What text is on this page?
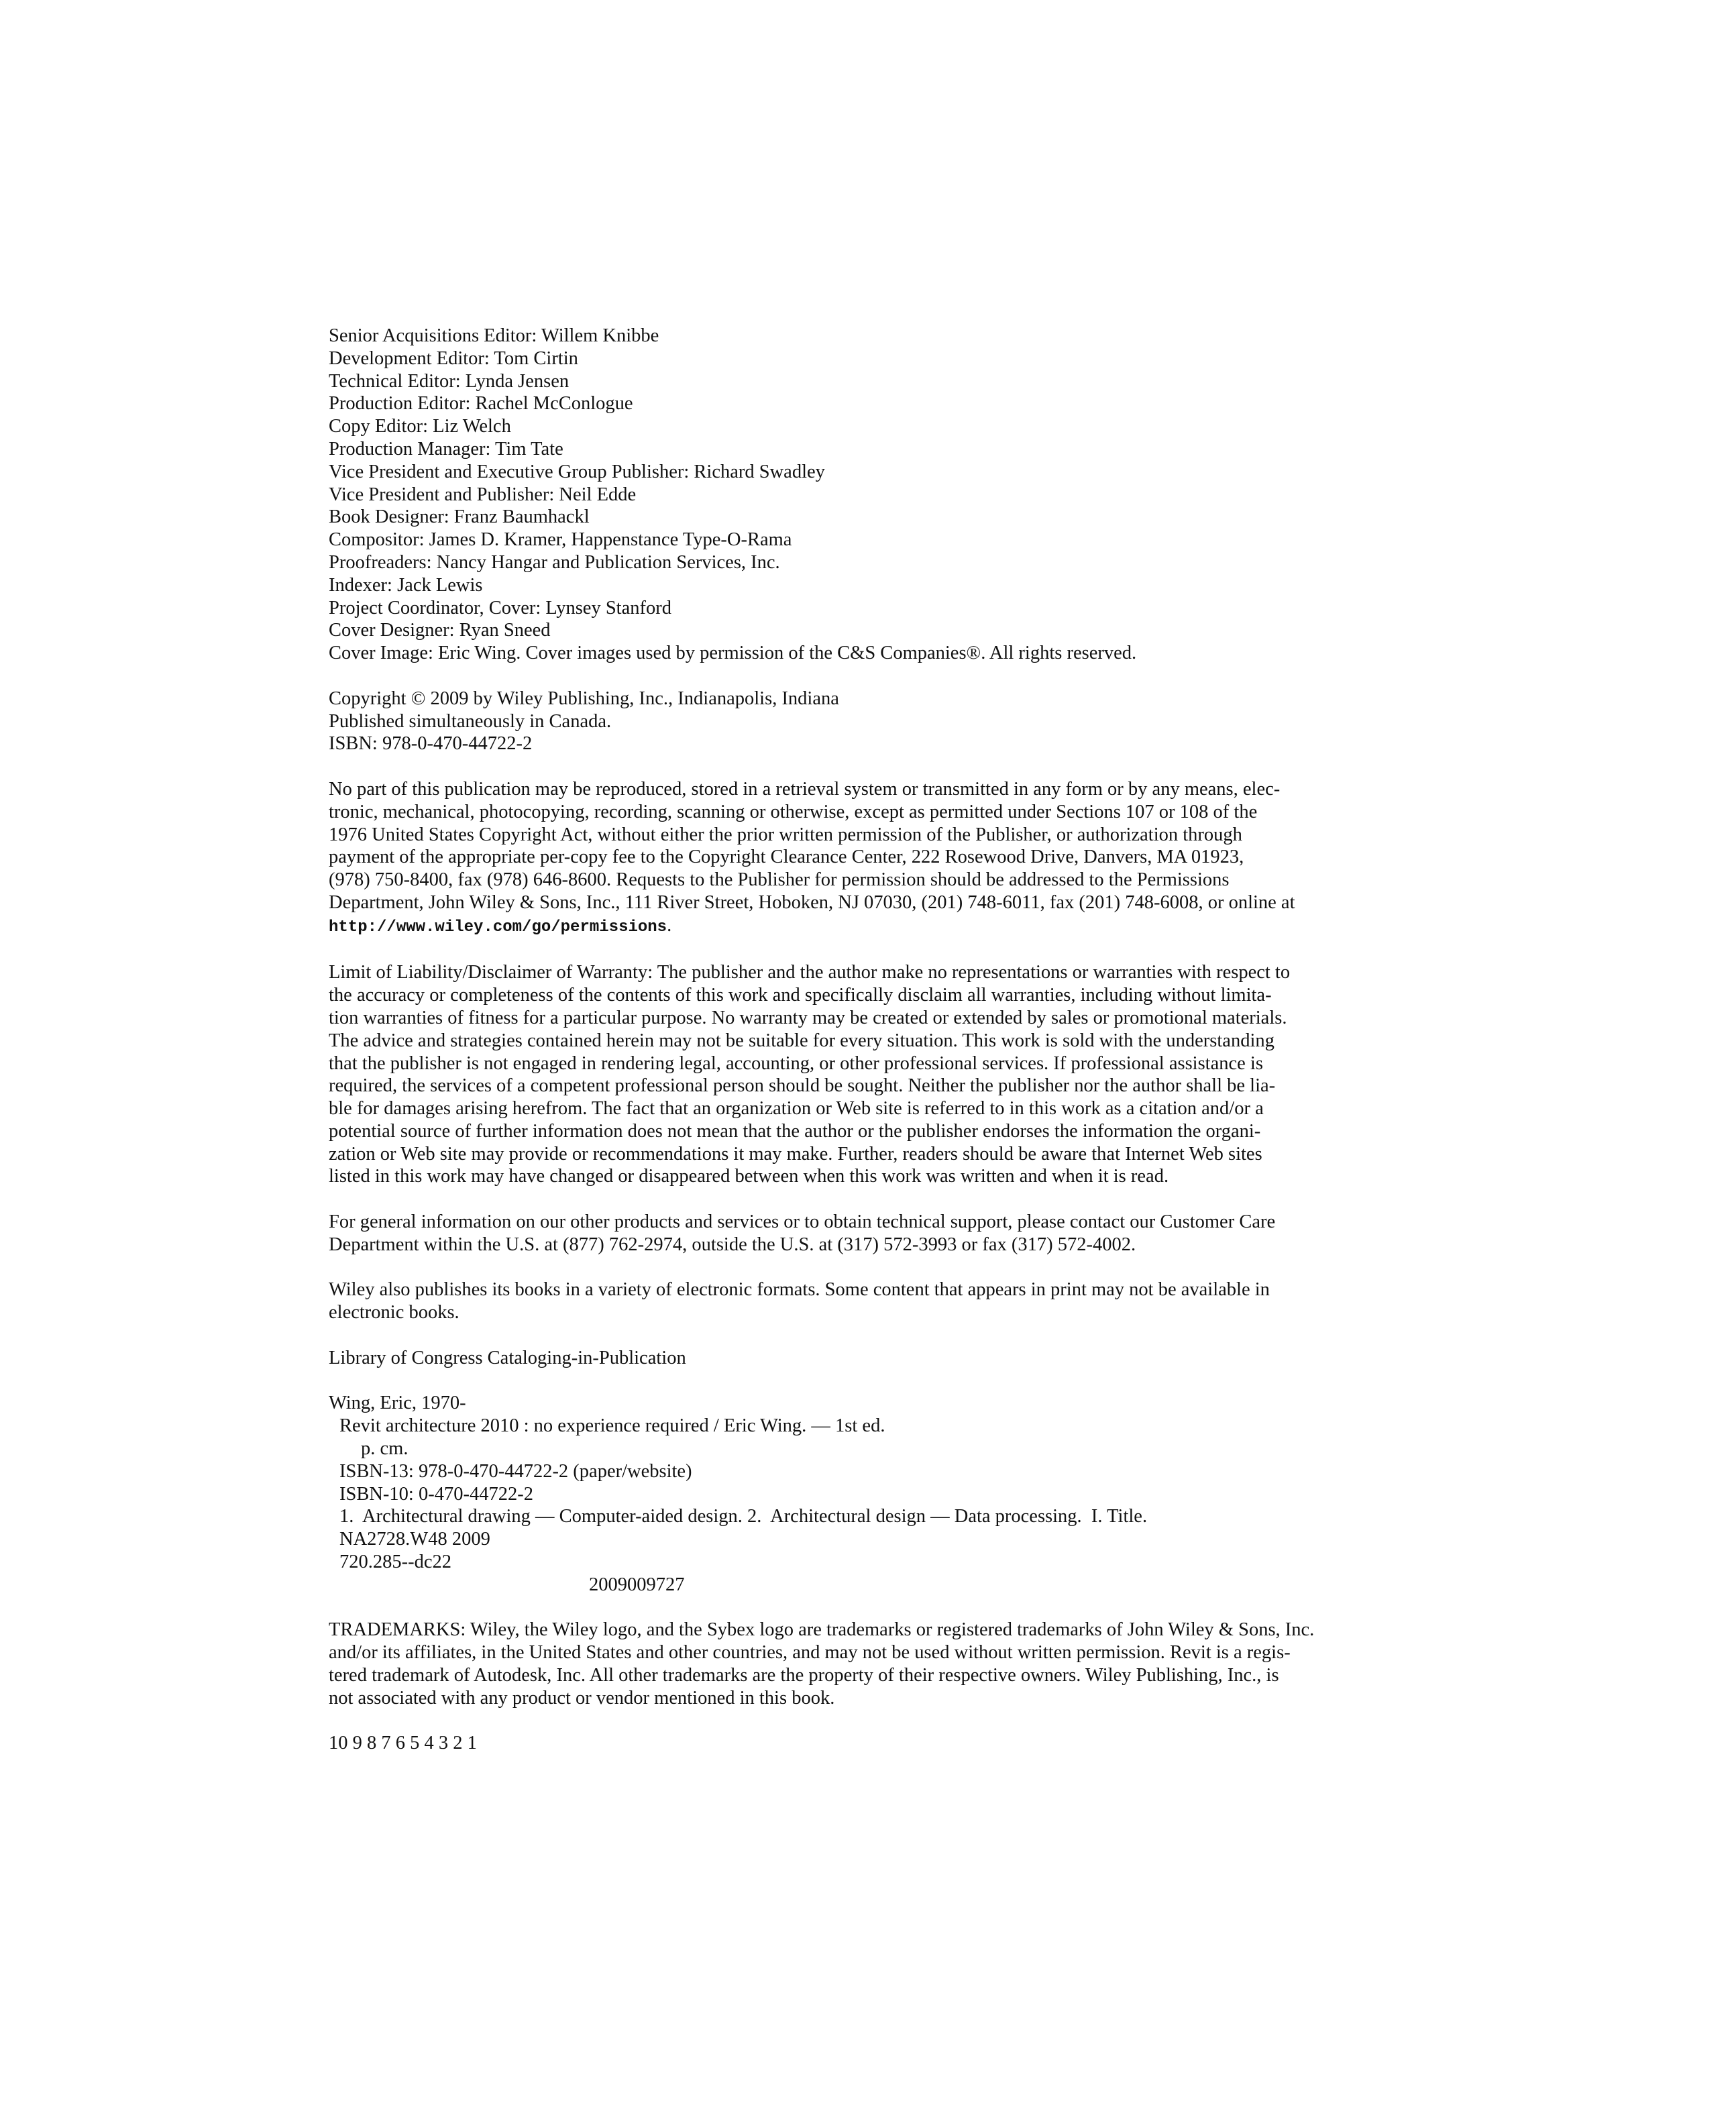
Senior Acquisitions Editor: Willem Knibbe
Development Editor: Tom Cirtin
Technical Editor: Lynda Jensen
Production Editor: Rachel McConlogue
Copy Editor: Liz Welch
Production Manager: Tim Tate
Vice President and Executive Group Publisher: Richard Swadley
Vice President and Publisher: Neil Edde
Book Designer: Franz Baumhackl
Compositor: James D. Kramer, Happenstance Type-O-Rama
Proofreaders: Nancy Hangar and Publication Services, Inc.
Indexer: Jack Lewis
Project Coordinator, Cover: Lynsey Stanford
Cover Designer: Ryan Sneed
Cover Image: Eric Wing. Cover images used by permission of the C&S Companies®. All rights reserved.
Copyright © 2009 by Wiley Publishing, Inc., Indianapolis, Indiana
Published simultaneously in Canada.
ISBN: 978-0-470-44722-2
No part of this publication may be reproduced, stored in a retrieval system or transmitted in any form or by any means, elec-
tronic, mechanical, photocopying, recording, scanning or otherwise, except as permitted under Sections 107 or 108 of the
1976 United States Copyright Act, without either the prior written permission of the Publisher, or authorization through
payment of the appropriate per-copy fee to the Copyright Clearance Center, 222 Rosewood Drive, Danvers, MA 01923,
(978) 750-8400, fax (978) 646-8600. Requests to the Publisher for permission should be addressed to the Permissions
Department, John Wiley & Sons, Inc., 111 River Street, Hoboken, NJ 07030, (201) 748-6011, fax (201) 748-6008, or online at
http://www.wiley.com/go/permissions.
Limit of Liability/Disclaimer of Warranty: The publisher and the author make no representations or warranties with respect to
the accuracy or completeness of the contents of this work and specifically disclaim all warranties, including without limita-
tion warranties of fitness for a particular purpose. No warranty may be created or extended by sales or promotional materials.
The advice and strategies contained herein may not be suitable for every situation. This work is sold with the understanding
that the publisher is not engaged in rendering legal, accounting, or other professional services. If professional assistance is
required, the services of a competent professional person should be sought. Neither the publisher nor the author shall be lia-
ble for damages arising herefrom. The fact that an organization or Web site is referred to in this work as a citation and/or a
potential source of further information does not mean that the author or the publisher endorses the information the organi-
zation or Web site may provide or recommendations it may make. Further, readers should be aware that Internet Web sites
listed in this work may have changed or disappeared between when this work was written and when it is read.
For general information on our other products and services or to obtain technical support, please contact our Customer Care
Department within the U.S. at (877) 762-2974, outside the U.S. at (317) 572-3993 or fax (317) 572-4002.
Wiley also publishes its books in a variety of electronic formats. Some content that appears in print may not be available in
electronic books.
Library of Congress Cataloging-in-Publication
Wing, Eric, 1970-
Revit architecture 2010 : no experience required / Eric Wing. — 1st ed.
p. cm.
ISBN-13: 978-0-470-44722-2 (paper/website)
ISBN-10: 0-470-44722-2
1.  Architectural drawing — Computer-aided design. 2.  Architectural design — Data processing.  I. Title.
NA2728.W48 2009
720.285--dc22
2009009727
TRADEMARKS: Wiley, the Wiley logo, and the Sybex logo are trademarks or registered trademarks of John Wiley & Sons, Inc.
and/or its affiliates, in the United States and other countries, and may not be used without written permission. Revit is a regis-
tered trademark of Autodesk, Inc. All other trademarks are the property of their respective owners. Wiley Publishing, Inc., is
not associated with any product or vendor mentioned in this book.
10 9 8 7 6 5 4 3 2 1
